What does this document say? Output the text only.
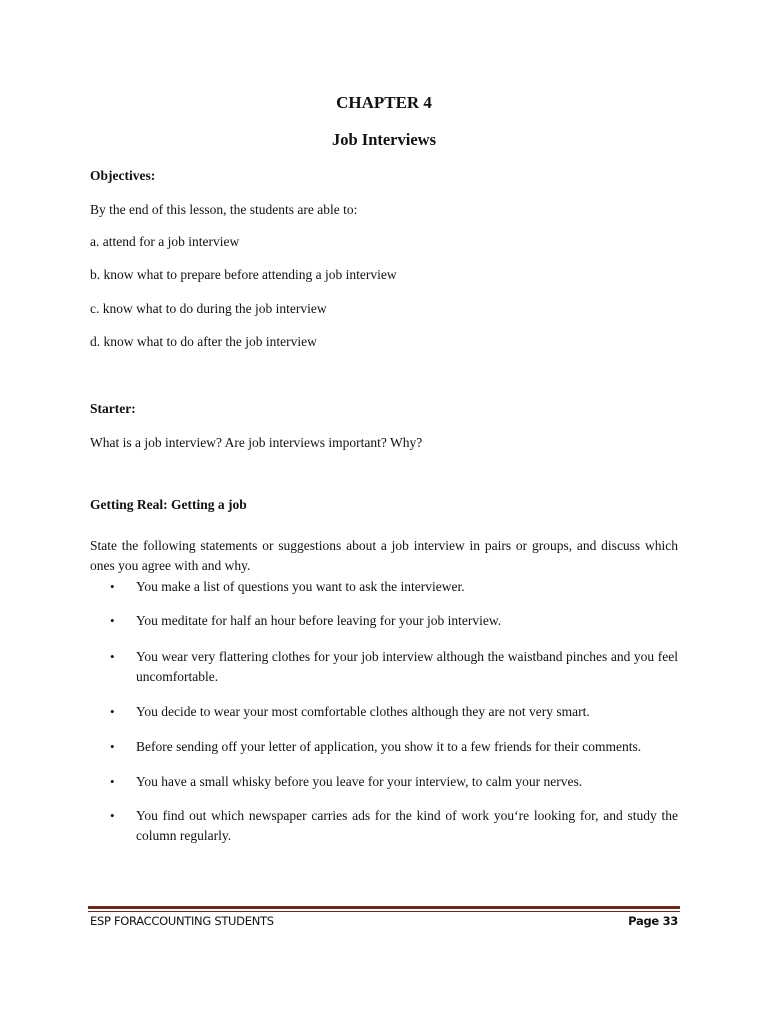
CHAPTER 4
Job Interviews
Objectives:
By the end of this lesson, the students are able to:
a. attend for a job interview
b. know what to prepare before attending a job interview
c. know what to do during the job interview
d. know what to do after the job interview
Starter:
What is a job interview? Are job interviews important? Why?
Getting Real: Getting a job
State the following statements or suggestions about a job interview in pairs or groups, and discuss which ones you agree with and why.
• You make a list of questions you want to ask the interviewer.
• You meditate for half an hour before leaving for your job interview.
• You wear very flattering clothes for your job interview although the waistband pinches and you feel uncomfortable.
• You decide to wear your most comfortable clothes although they are not very smart.
• Before sending off your letter of application, you show it to a few friends for their comments.
• You have a small whisky before you leave for your interview, to calm your nerves.
• You find out which newspaper carries ads for the kind of work you‘re looking for, and study the column regularly.
ESP FORACCOUNTING STUDENTS	Page 33
